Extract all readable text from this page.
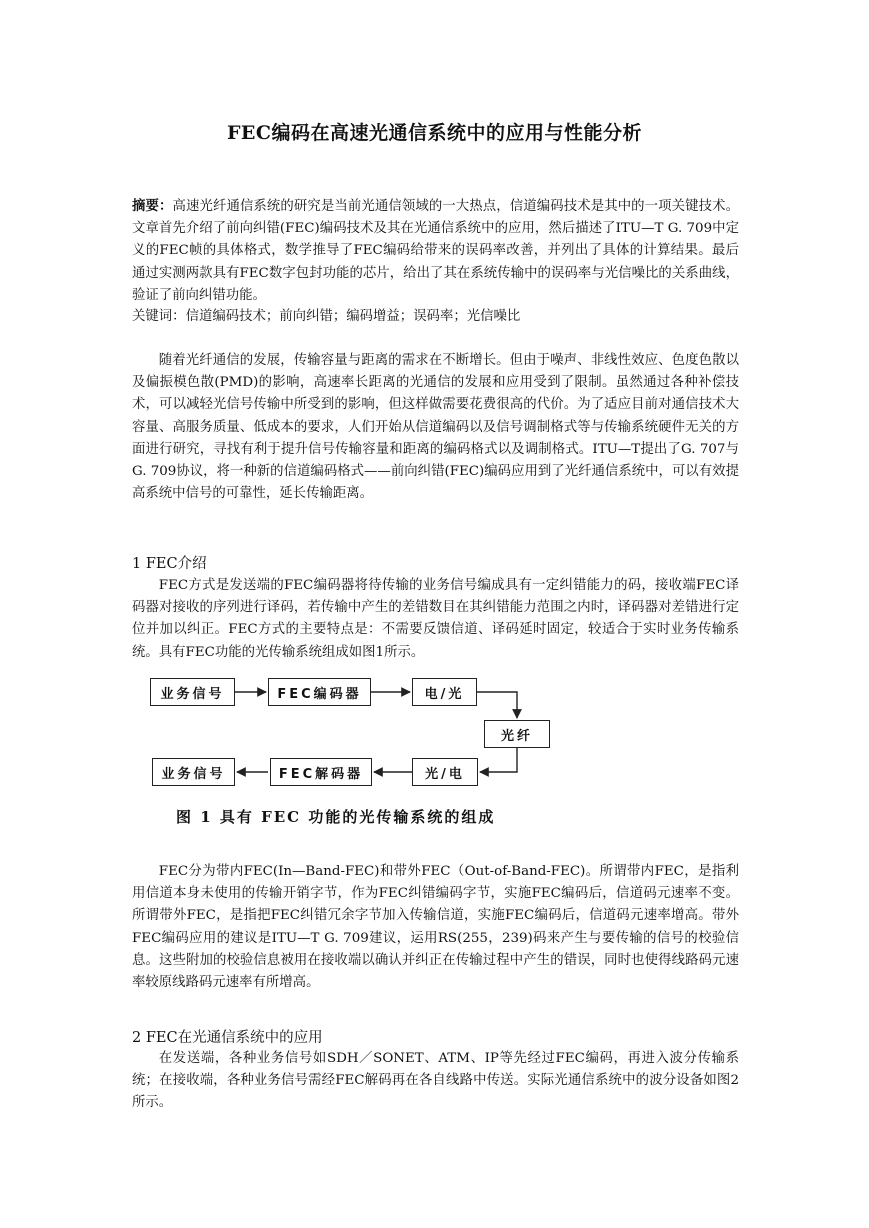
FEC编码在高速光通信系统中的应用与性能分析
摘要：高速光纤通信系统的研究是当前光通信领域的一大热点，信道编码技术是其中的一项关键技术。文章首先介绍了前向纠错(FEC)编码技术及其在光通信系统中的应用，然后描述了ITU—T G. 709中定义的FEC帧的具体格式，数学推导了FEC编码给带来的误码率改善，并列出了具体的计算结果。最后通过实测两款具有FEC数字包封功能的芯片，给出了其在系统传输中的误码率与光信噪比的关系曲线，验证了前向纠错功能。
关键词：信道编码技术；前向纠错；编码增益；误码率；光信噪比
随着光纤通信的发展，传输容量与距离的需求在不断增长。但由于噪声、非线性效应、色度色散以及偏振模色散(PMD)的影响，高速率长距离的光通信的发展和应用受到了限制。虽然通过各种补偿技术，可以减轻光信号传输中所受到的影响，但这样做需要花费很高的代价。为了适应目前对通信技术大容量、高服务质量、低成本的要求，人们开始从信道编码以及信号调制格式等与传输系统硬件无关的方面进行研究，寻找有利于提升信号传输容量和距离的编码格式以及调制格式。ITU—T提出了G. 707与G. 709协议，将一种新的信道编码格式——前向纠错(FEC)编码应用到了光纤通信系统中，可以有效提高系统中信号的可靠性，延长传输距离。
1 FEC介绍
FEC方式是发送端的FEC编码器将待传输的业务信号编成具有一定纠错能力的码，接收端FEC译码器对接收的序列进行译码，若传输中产生的差错数目在其纠错能力范围之内时，译码器对差错进行定位并加以纠正。FEC方式的主要特点是：不需要反馈信道、译码延时固定，较适合于实时业务传输系统。具有FEC功能的光传输系统组成如图1所示。
业务信号	FEC编码器	电/光
光纤
光/电
FEC解码器
业务信号
图 1 具有 FEC 功能的光传输系统的组成
FEC分为带内FEC(In—Band-FEC)和带外FEC（Out-of-Band-FEC)。所谓带内FEC，是指利用信道本身未使用的传输开销字节，作为FEC纠错编码字节，实施FEC编码后，信道码元速率不变。所谓带外FEC，是指把FEC纠错冗余字节加入传输信道，实施FEC编码后，信道码元速率增高。带外FEC编码应用的建议是ITU—T G. 709建议，运用RS(255，239)码来产生与要传输的信号的校验信息。这些附加的校验信息被用在接收端以确认并纠正在传输过程中产生的错误，同时也使得线路码元速率较原线路码元速率有所增高。
2 FEC在光通信系统中的应用
在发送端，各种业务信号如SDH／SONET、ATM、IP等先经过FEC编码，再进入波分传输系统；在接收端，各种业务信号需经FEC解码再在各自线路中传送。实际光通信系统中的波分设备如图2所示。
